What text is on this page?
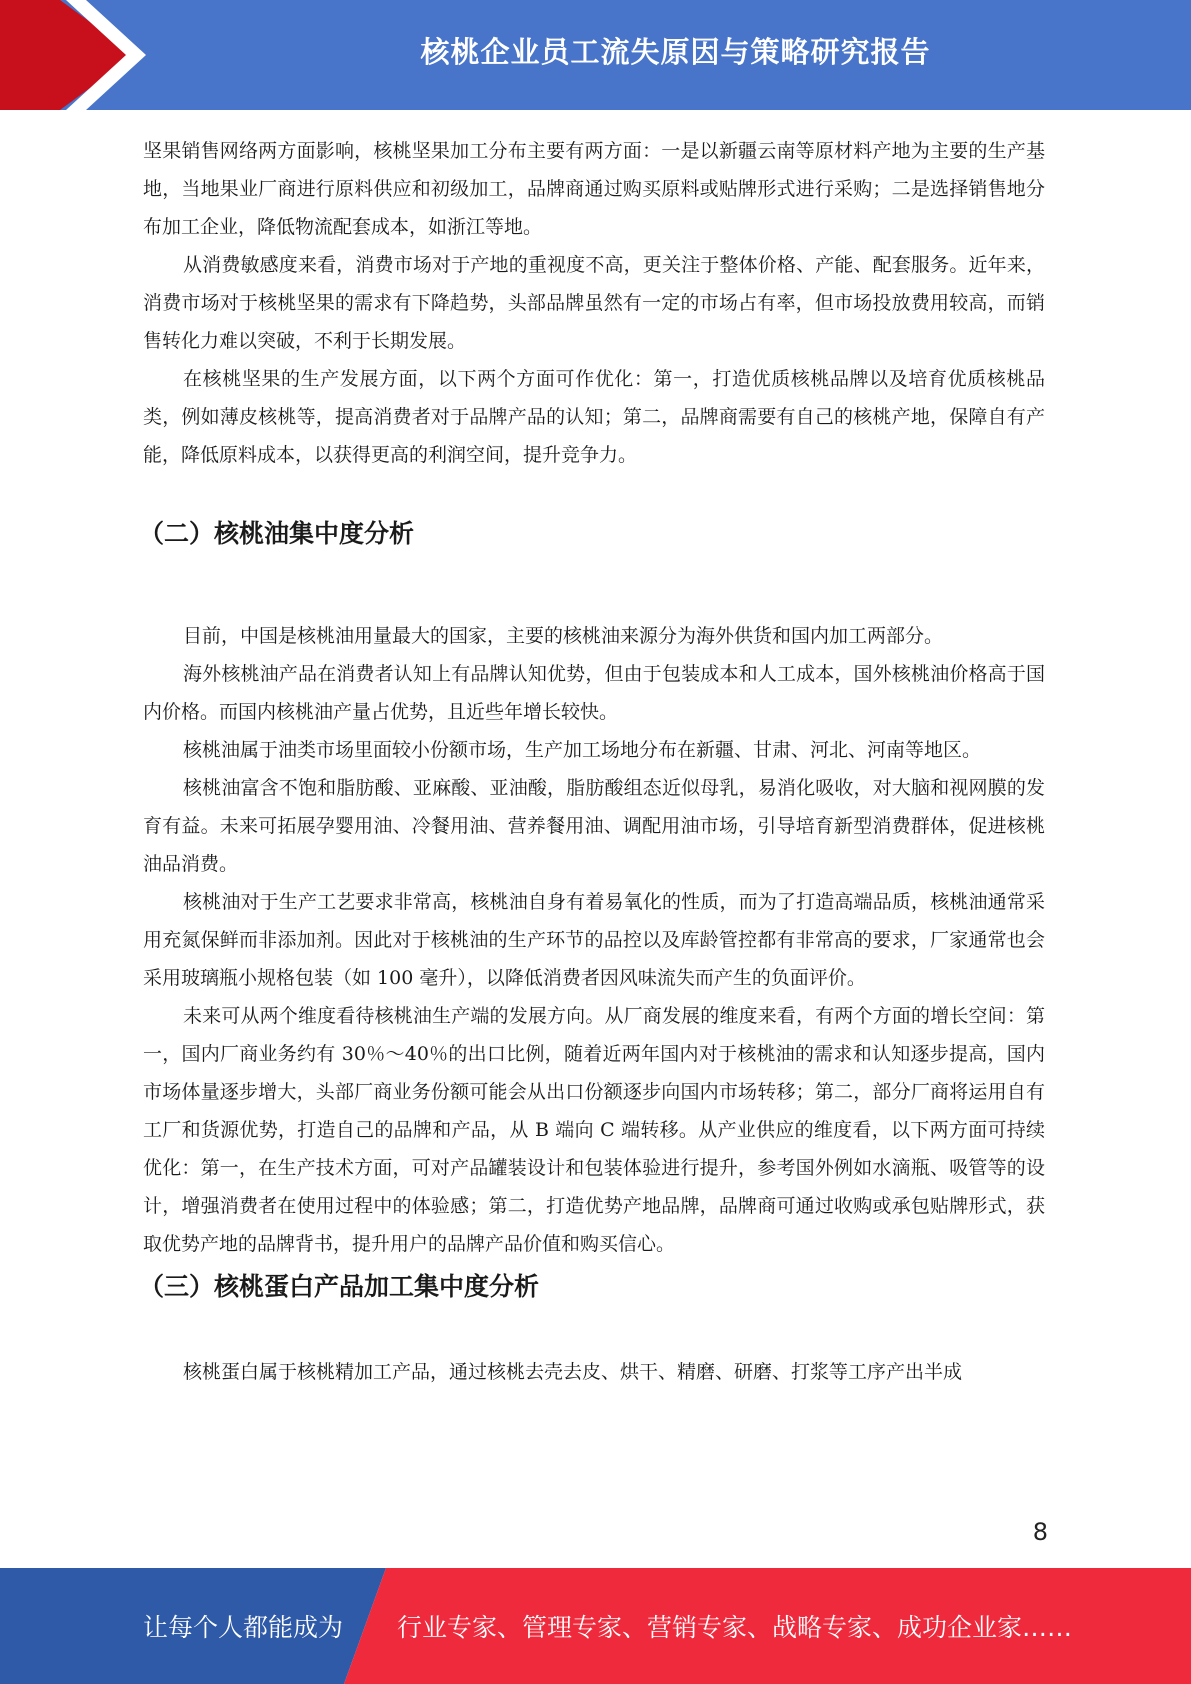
核桃企业员工流失原因与策略研究报告

坚果销售网络两方面影响，核桃坚果加工分布主要有两方面：一是以新疆云南等原材料产地为主要的生产基地，当地果业厂商进行原料供应和初级加工，品牌商通过购买原料或贴牌形式进行采购；二是选择销售地分布加工企业，降低物流配套成本，如浙江等地。

从消费敏感度来看，消费市场对于产地的重视度不高，更关注于整体价格、产能、配套服务。近年来，消费市场对于核桃坚果的需求有下降趋势，头部品牌虽然有一定的市场占有率，但市场投放费用较高，而销售转化力难以突破，不利于长期发展。

在核桃坚果的生产发展方面，以下两个方面可作优化：第一，打造优质核桃品牌以及培育优质核桃品类，例如薄皮核桃等，提高消费者对于品牌产品的认知；第二，品牌商需要有自己的核桃产地，保障自有产能，降低原料成本，以获得更高的利润空间，提升竞争力。

（二）核桃油集中度分析

目前，中国是核桃油用量最大的国家，主要的核桃油来源分为海外供货和国内加工两部分。

海外核桃油产品在消费者认知上有品牌认知优势，但由于包装成本和人工成本，国外核桃油价格高于国内价格。而国内核桃油产量占优势，且近些年增长较快。

核桃油属于油类市场里面较小份额市场，生产加工场地分布在新疆、甘肃、河北、河南等地区。

核桃油富含不饱和脂肪酸、亚麻酸、亚油酸，脂肪酸组态近似母乳，易消化吸收，对大脑和视网膜的发育有益。未来可拓展孕婴用油、冷餐用油、营养餐用油、调配用油市场，引导培育新型消费群体，促进核桃油品消费。

核桃油对于生产工艺要求非常高，核桃油自身有着易氧化的性质，而为了打造高端品质，核桃油通常采用充氮保鲜而非添加剂。因此对于核桃油的生产环节的品控以及库龄管控都有非常高的要求，厂家通常也会采用玻璃瓶小规格包装（如 100 毫升），以降低消费者因风味流失而产生的负面评价。

未来可从两个维度看待核桃油生产端的发展方向。从厂商发展的维度来看，有两个方面的增长空间：第一，国内厂商业务约有 30％～40％的出口比例，随着近两年国内对于核桃油的需求和认知逐步提高，国内市场体量逐步增大，头部厂商业务份额可能会从出口份额逐步向国内市场转移；第二，部分厂商将运用自有工厂和货源优势，打造自己的品牌和产品，从 B 端向 C 端转移。从产业供应的维度看，以下两方面可持续优化：第一，在生产技术方面，可对产品罐装设计和包装体验进行提升，参考国外例如水滴瓶、吸管等的设计，增强消费者在使用过程中的体验感；第二，打造优势产地品牌，品牌商可通过收购或承包贴牌形式，获取优势产地的品牌背书，提升用户的品牌产品价值和购买信心。

（三）核桃蛋白产品加工集中度分析

核桃蛋白属于核桃精加工产品，通过核桃去壳去皮、烘干、精磨、研磨、打浆等工序产出半成

8
让每个人都能成为 行业专家、管理专家、营销专家、战略专家、成功企业家……
